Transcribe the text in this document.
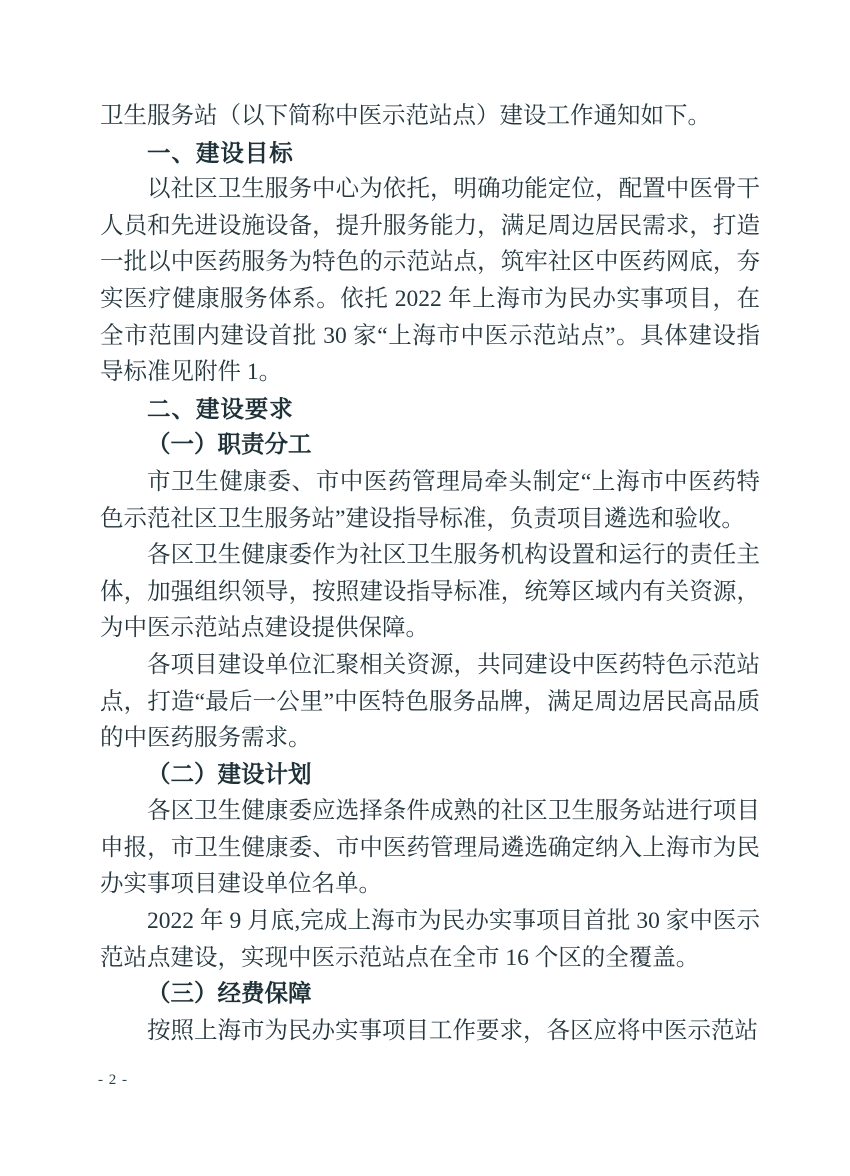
卫生服务站（以下简称中医示范站点）建设工作通知如下。

一、建设目标

以社区卫生服务中心为依托，明确功能定位，配置中医骨干人员和先进设施设备，提升服务能力，满足周边居民需求，打造一批以中医药服务为特色的示范站点，筑牢社区中医药网底，夯实医疗健康服务体系。依托 2022 年上海市为民办实事项目，在全市范围内建设首批 30 家“上海市中医示范站点”。具体建设指导标准见附件 1。

二、建设要求

（一）职责分工

市卫生健康委、市中医药管理局牵头制定“上海市中医药特色示范社区卫生服务站”建设指导标准，负责项目遴选和验收。

各区卫生健康委作为社区卫生服务机构设置和运行的责任主体，加强组织领导，按照建设指导标准，统筹区域内有关资源，为中医示范站点建设提供保障。

各项目建设单位汇聚相关资源，共同建设中医药特色示范站点，打造“最后一公里”中医特色服务品牌，满足周边居民高品质的中医药服务需求。

（二）建设计划

各区卫生健康委应选择条件成熟的社区卫生服务站进行项目申报，市卫生健康委、市中医药管理局遴选确定纳入上海市为民办实事项目建设单位名单。

2022 年 9 月底,完成上海市为民办实事项目首批 30 家中医示范站点建设，实现中医示范站点在全市 16 个区的全覆盖。

（三）经费保障

按照上海市为民办实事项目工作要求，各区应将中医示范站

- 2 -
